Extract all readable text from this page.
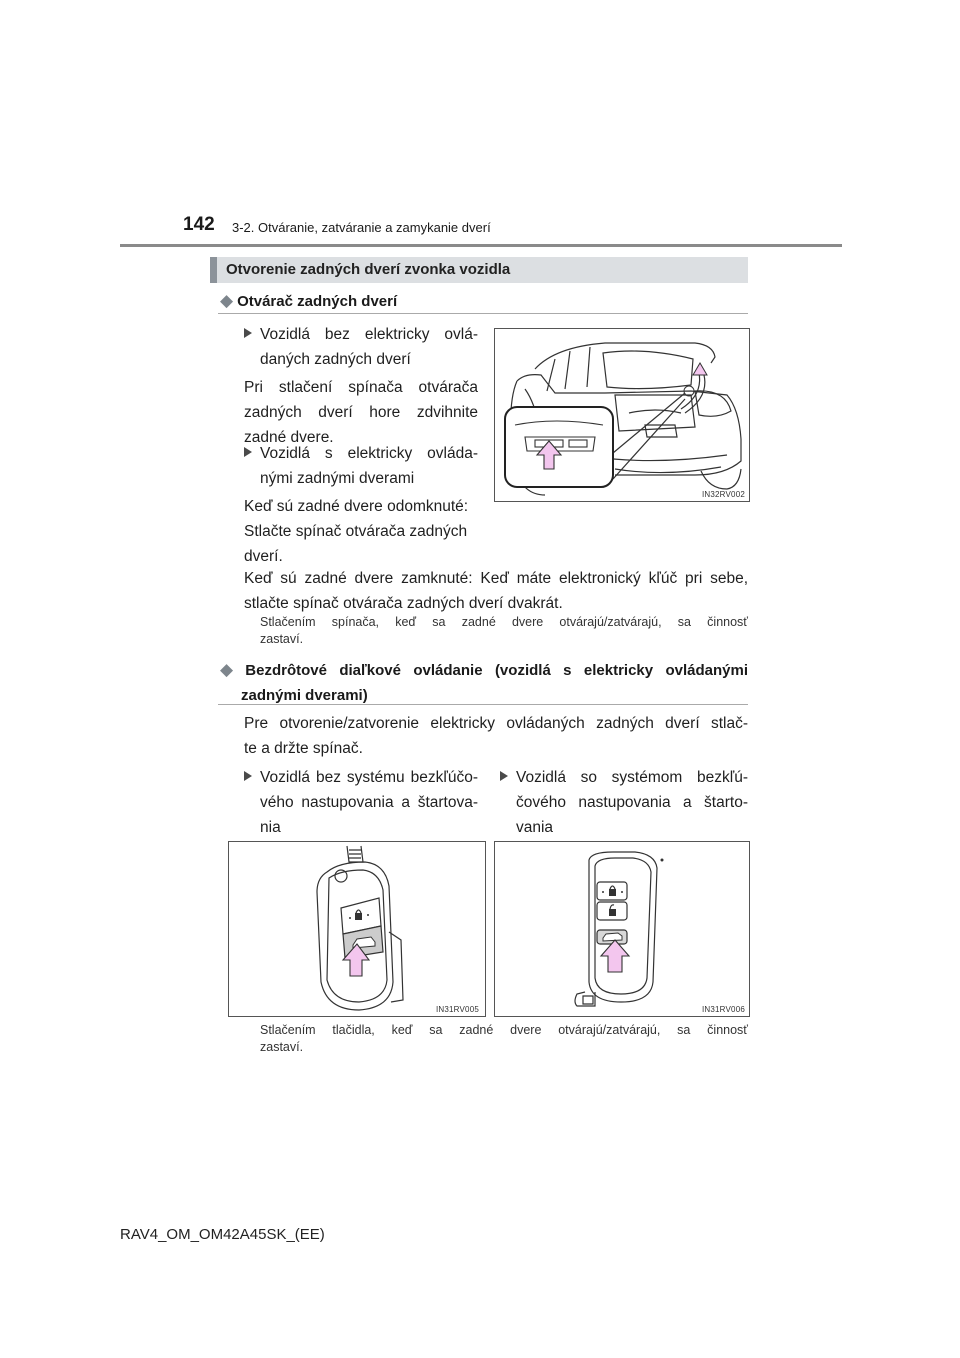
142 3-2. Otváranie, zatváranie a zamykanie dverí
Otvorenie zadných dverí zvonka vozidla
◆ Otvárač zadných dverí
Vozidlá bez elektricky ovlá-
daných zadných dverí
Pri stlačení spínača otvárača
zadných dverí hore zdvihnite
zadné dvere.
Vozidlá s elektricky ovláda-
nými zadnými dverami
Keď sú zadné dvere odomknuté:
Stlačte spínač otvárača zadných
dverí.
IN32RV002
Keď sú zadné dvere zamknuté: Keď máte elektronický kľúč pri sebe,
stlačte spínač otvárača zadných dverí dvakrát.
Stlačením spínača, keď sa zadné dvere otvárajú/zatvárajú, sa činnosť
zastaví.
◆ Bezdrôtové diaľkové ovládanie (vozidlá s elektricky ovládanými
zadnými dverami)
Pre otvorenie/zatvorenie elektricky ovládaných zadných dverí stlač-
te a držte spínač.
Vozidlá bez systému bezkľúčo-
vého nastupovania a štartova-
nia
Vozidlá so systémom bezkľú-
čového nastupovania a štarto-
vania
IN31RV005	IN31RV006
Stlačením tlačidla, keď sa zadné dvere otvárajú/zatvárajú, sa činnosť
zastaví.
RAV4_OM_OM42A45SK_(EE)
